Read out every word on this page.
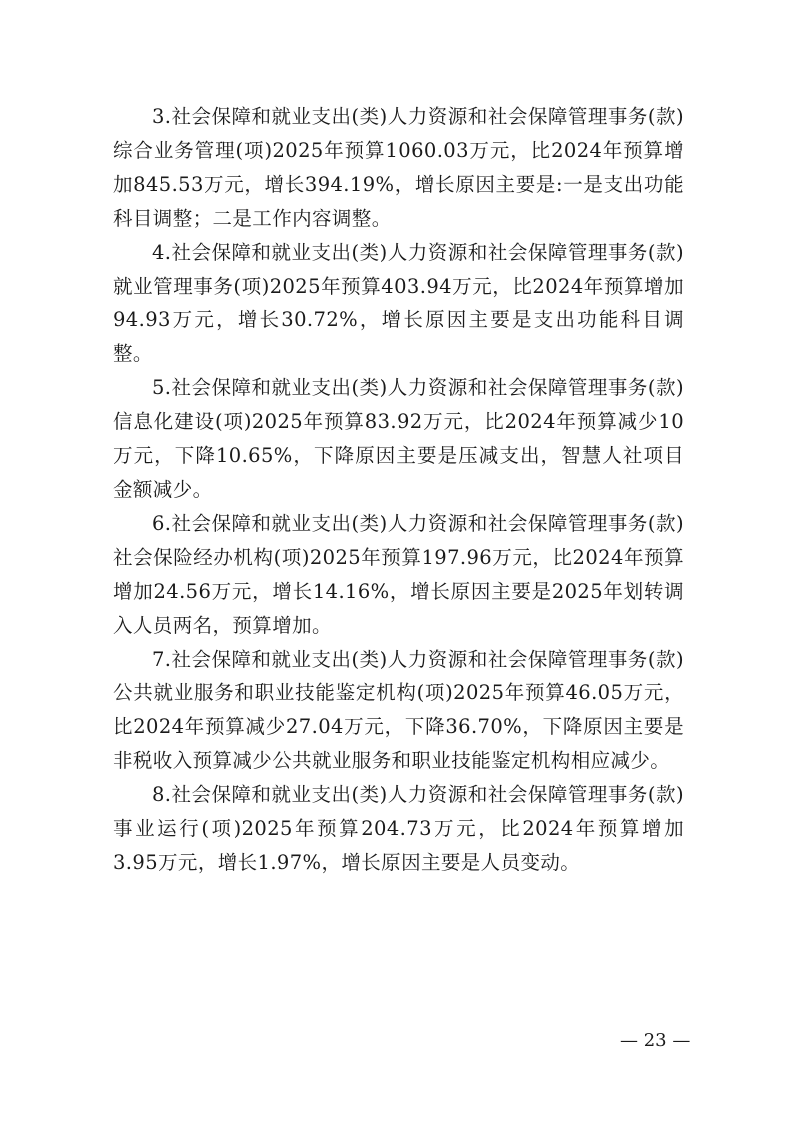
3.社会保障和就业支出(类)人力资源和社会保障管理事务(款)综合业务管理(项)2025年预算1060.03万元，比2024年预算增加845.53万元，增长394.19%，增长原因主要是:一是支出功能科目调整；二是工作内容调整。

4.社会保障和就业支出(类)人力资源和社会保障管理事务(款)就业管理事务(项)2025年预算403.94万元，比2024年预算增加94.93万元，增长30.72%，增长原因主要是支出功能科目调整。

5.社会保障和就业支出(类)人力资源和社会保障管理事务(款)信息化建设(项)2025年预算83.92万元，比2024年预算减少10万元，下降10.65%，下降原因主要是压减支出，智慧人社项目金额减少。

6.社会保障和就业支出(类)人力资源和社会保障管理事务(款)社会保险经办机构(项)2025年预算197.96万元，比2024年预算增加24.56万元，增长14.16%，增长原因主要是2025年划转调入人员两名，预算增加。

7.社会保障和就业支出(类)人力资源和社会保障管理事务(款)公共就业服务和职业技能鉴定机构(项)2025年预算46.05万元，比2024年预算减少27.04万元，下降36.70%，下降原因主要是非税收入预算减少公共就业服务和职业技能鉴定机构相应减少。

8.社会保障和就业支出(类)人力资源和社会保障管理事务(款)事业运行(项)2025年预算204.73万元，比2024年预算增加3.95万元，增长1.97%，增长原因主要是人员变动。

— 23 —
